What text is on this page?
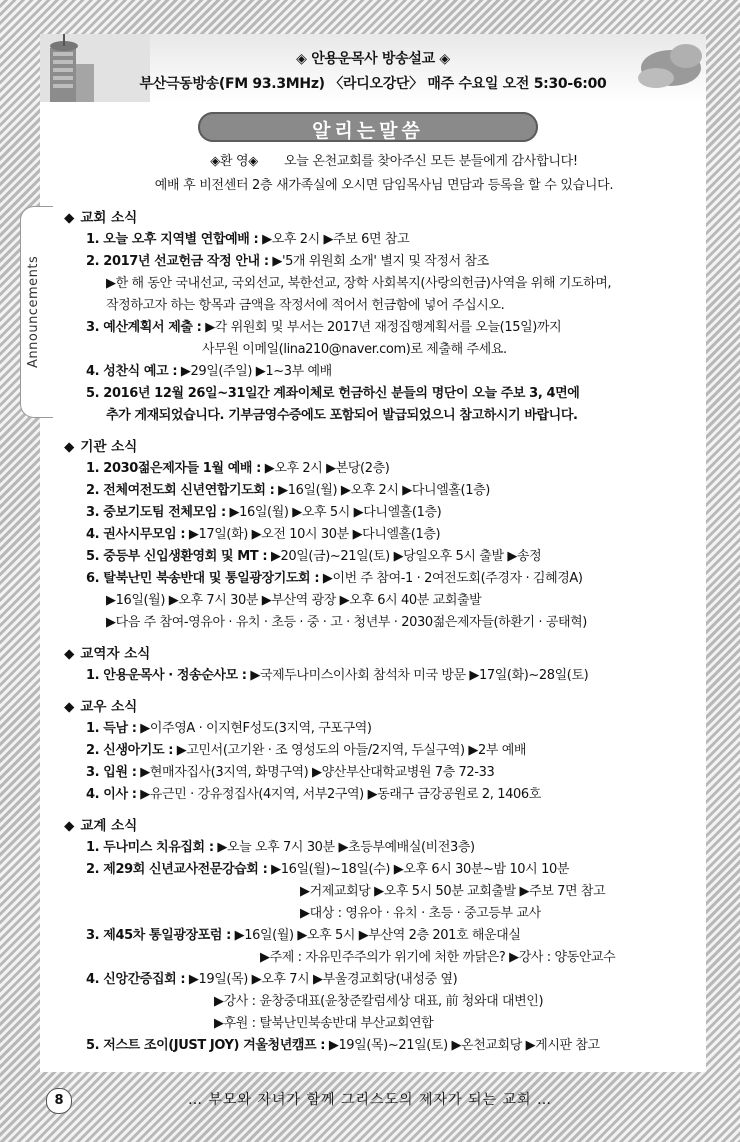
◈ 안용운목사 방송설교 ◈
부산극동방송(FM 93.3MHz) 〈라디오강단〉 매주 수요일 오전 5:30-6:00
Announcements
알리는말씀
◈환 영◈ 오늘 온천교회를 찾아주신 모든 분들에게 감사합니다!
예배 후 비전센터 2층 새가족실에 오시면 담임목사님 면담과 등록을 할 수 있습니다.
◆ 교회 소식
1. 오늘 오후 지역별 연합예배 : ▶오후 2시 ▶주보 6면 참고
2. 2017년 선교헌금 작정 안내 : ▶'5개 위원회 소개' 별지 및 작정서 참조
▶한 해 동안 국내선교, 국외선교, 북한선교, 장학 사회복지(사랑의헌금)사역을 위해 기도하며,
작정하고자 하는 항목과 금액을 작정서에 적어서 헌금함에 넣어 주십시오.
3. 예산계획서 제출 : ▶각 위원회 및 부서는 2017년 재정집행계획서를 오늘(15일)까지
사무원 이메일(lina210@naver.com)로 제출해 주세요.
4. 성찬식 예고 : ▶29일(주일) ▶1~3부 예배
5. 2016년 12월 26일~31일간 계좌이체로 헌금하신 분들의 명단이 오늘 주보 3, 4면에
추가 게재되었습니다. 기부금영수증에도 포함되어 발급되었으니 참고하시기 바랍니다.
◆ 기관 소식
1. 2030젊은제자들 1월 예배 : ▶오후 2시 ▶본당(2층)
2. 전체여전도회 신년연합기도회 : ▶16일(월) ▶오후 2시 ▶다니엘홀(1층)
3. 중보기도팀 전체모임 : ▶16일(월) ▶오후 5시 ▶다니엘홀(1층)
4. 권사시무모임 : ▶17일(화) ▶오전 10시 30분 ▶다니엘홀(1층)
5. 중등부 신입생환영회 및 MT : ▶20일(금)~21일(토) ▶당일오후 5시 출발 ▶송정
6. 탈북난민 북송반대 및 통일광장기도회 : ▶이번 주 참여-1 · 2여전도회(주경자 · 김혜경A)
▶16일(월) ▶오후 7시 30분 ▶부산역 광장 ▶오후 6시 40분 교회출발
▶다음 주 참여-영유아 · 유치 · 초등 · 중 · 고 · 청년부 · 2030젊은제자들(하환기 · 공태혁)
◆ 교역자 소식
1. 안용운목사 · 정송순사모 : ▶국제두나미스이사회 참석차 미국 방문 ▶17일(화)~28일(토)
◆ 교우 소식
1. 득남 : ▶이주영A · 이지현F성도(3지역, 구포구역)
2. 신생아기도 : ▶고민서(고기완 · 조 영성도의 아들/2지역, 두실구역) ▶2부 예배
3. 입원 : ▶현매자집사(3지역, 화명구역) ▶양산부산대학교병원 7층 72-33
4. 이사 : ▶유근민 · 강유정집사(4지역, 서부2구역) ▶동래구 금강공원로 2, 1406호
◆ 교계 소식
1. 두나미스 치유집회 : ▶오늘 오후 7시 30분 ▶초등부예배실(비전3층)
2. 제29회 신년교사전문강습회 : ▶16일(월)~18일(수) ▶오후 6시 30분~밤 10시 10분
▶거제교회당 ▶오후 5시 50분 교회출발 ▶주보 7면 참고
▶대상 : 영유아 · 유치 · 초등 · 중고등부 교사
3. 제45차 통일광장포럼 : ▶16일(월) ▶오후 5시 ▶부산역 2층 201호 해운대실
▶주제 : 자유민주주의가 위기에 처한 까닭은? ▶강사 : 양동안교수
4. 신앙간증집회 : ▶19일(목) ▶오후 7시 ▶부울경교회당(내성중 옆)
▶강사 : 윤창중대표(윤창준칼럼세상 대표, 前 청와대 대변인)
▶후원 : 탈북난민북송반대 부산교회연합
5. 저스트 조이(JUST JOY) 겨울청년캠프 : ▶19일(목)~21일(토) ▶온천교회당 ▶게시판 참고
8	… 부모와 자녀가 함께 그리스도의 제자가 되는 교회 …
